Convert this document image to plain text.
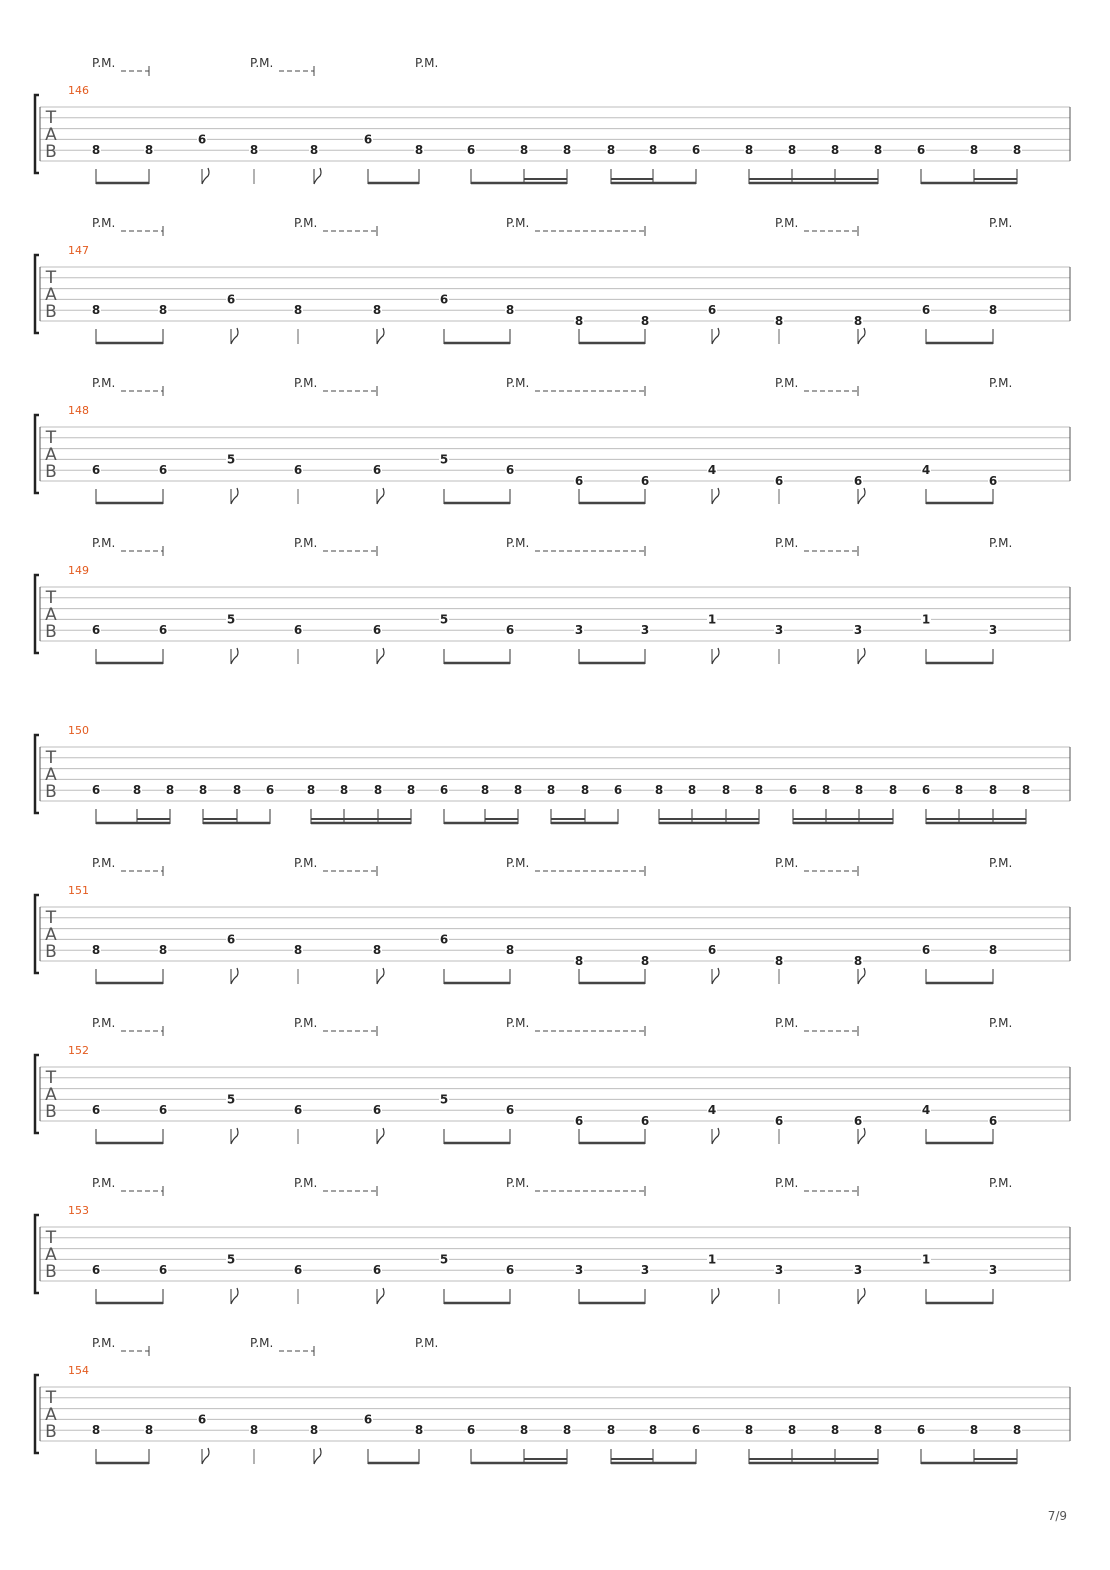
P.M.	P.M.	P.M.
146
T
A
B	8	8
6
8	8
6
8	6	8	8	8	8	6	8	8	8	8	6	8	8
P.M.	P.M.	P.M.	P.M.	P.M.
147
T
A
B	8	8
6
8	8
6
8
8	8
6
8	8
6	8
P.M.	P.M.	P.M.	P.M.	P.M.
148
T
A
B	6	6
5
6	6
5
6
6	6
4
6	6
4
6
P.M.	P.M.	P.M.	P.M.	P.M.
149
T
A
B	6	6
5
6	6
5
6	3	3
1
3	3
1
3
150
T
A
B	6	8 8 8 8 6	8 8 8 8 6	8 8 8 8 6	8 8 8 8 6 8 8 8 6 8 8 8
P.M.	P.M.	P.M.	P.M.	P.M.
151
T
A
B	8	8
6
8	8
6
8
8	8
6
8	8
6	8
P.M.	P.M.	P.M.	P.M.	P.M.
152
T
A
B	6	6
5
6	6
5
6
6	6
4
6	6
4
6
P.M.	P.M.	P.M.	P.M.	P.M.
153
T
A
B	6	6
5
6	6
5
6	3	3
1
3	3
1
3
P.M.	P.M.	P.M.
154
T
A
B	8	8
6
8	8
6
8	6	8	8	8	8	6	8	8	8	8	6	8	8
7/9
